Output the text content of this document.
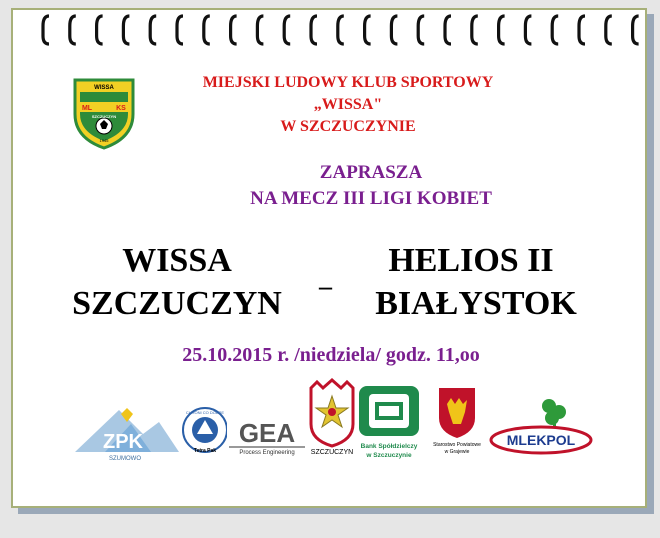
WISSA
ML	KS
SZCZUCZYN
1945
MIEJSKI LUDOWY KLUB SPORTOWY
„WISSA"
W SZCZUCZYNIE
ZAPRASZA
NA MECZ III LIGI KOBIET
WISSA
SZCZUCZYN	–
HELIOS II
BIAŁYSTOK
25.10.2015 r. /niedziela/ godz. 11,oo
ZPK
SZUMOWO
CHRONI CO DOBRE
Tetra Pak
GEA
Process Engineering SZCZUCZYN
Bank Spółdzielczy
w Szczuczynie
Starostwo Powiatowe
w Grajewie
MLEKPOL
